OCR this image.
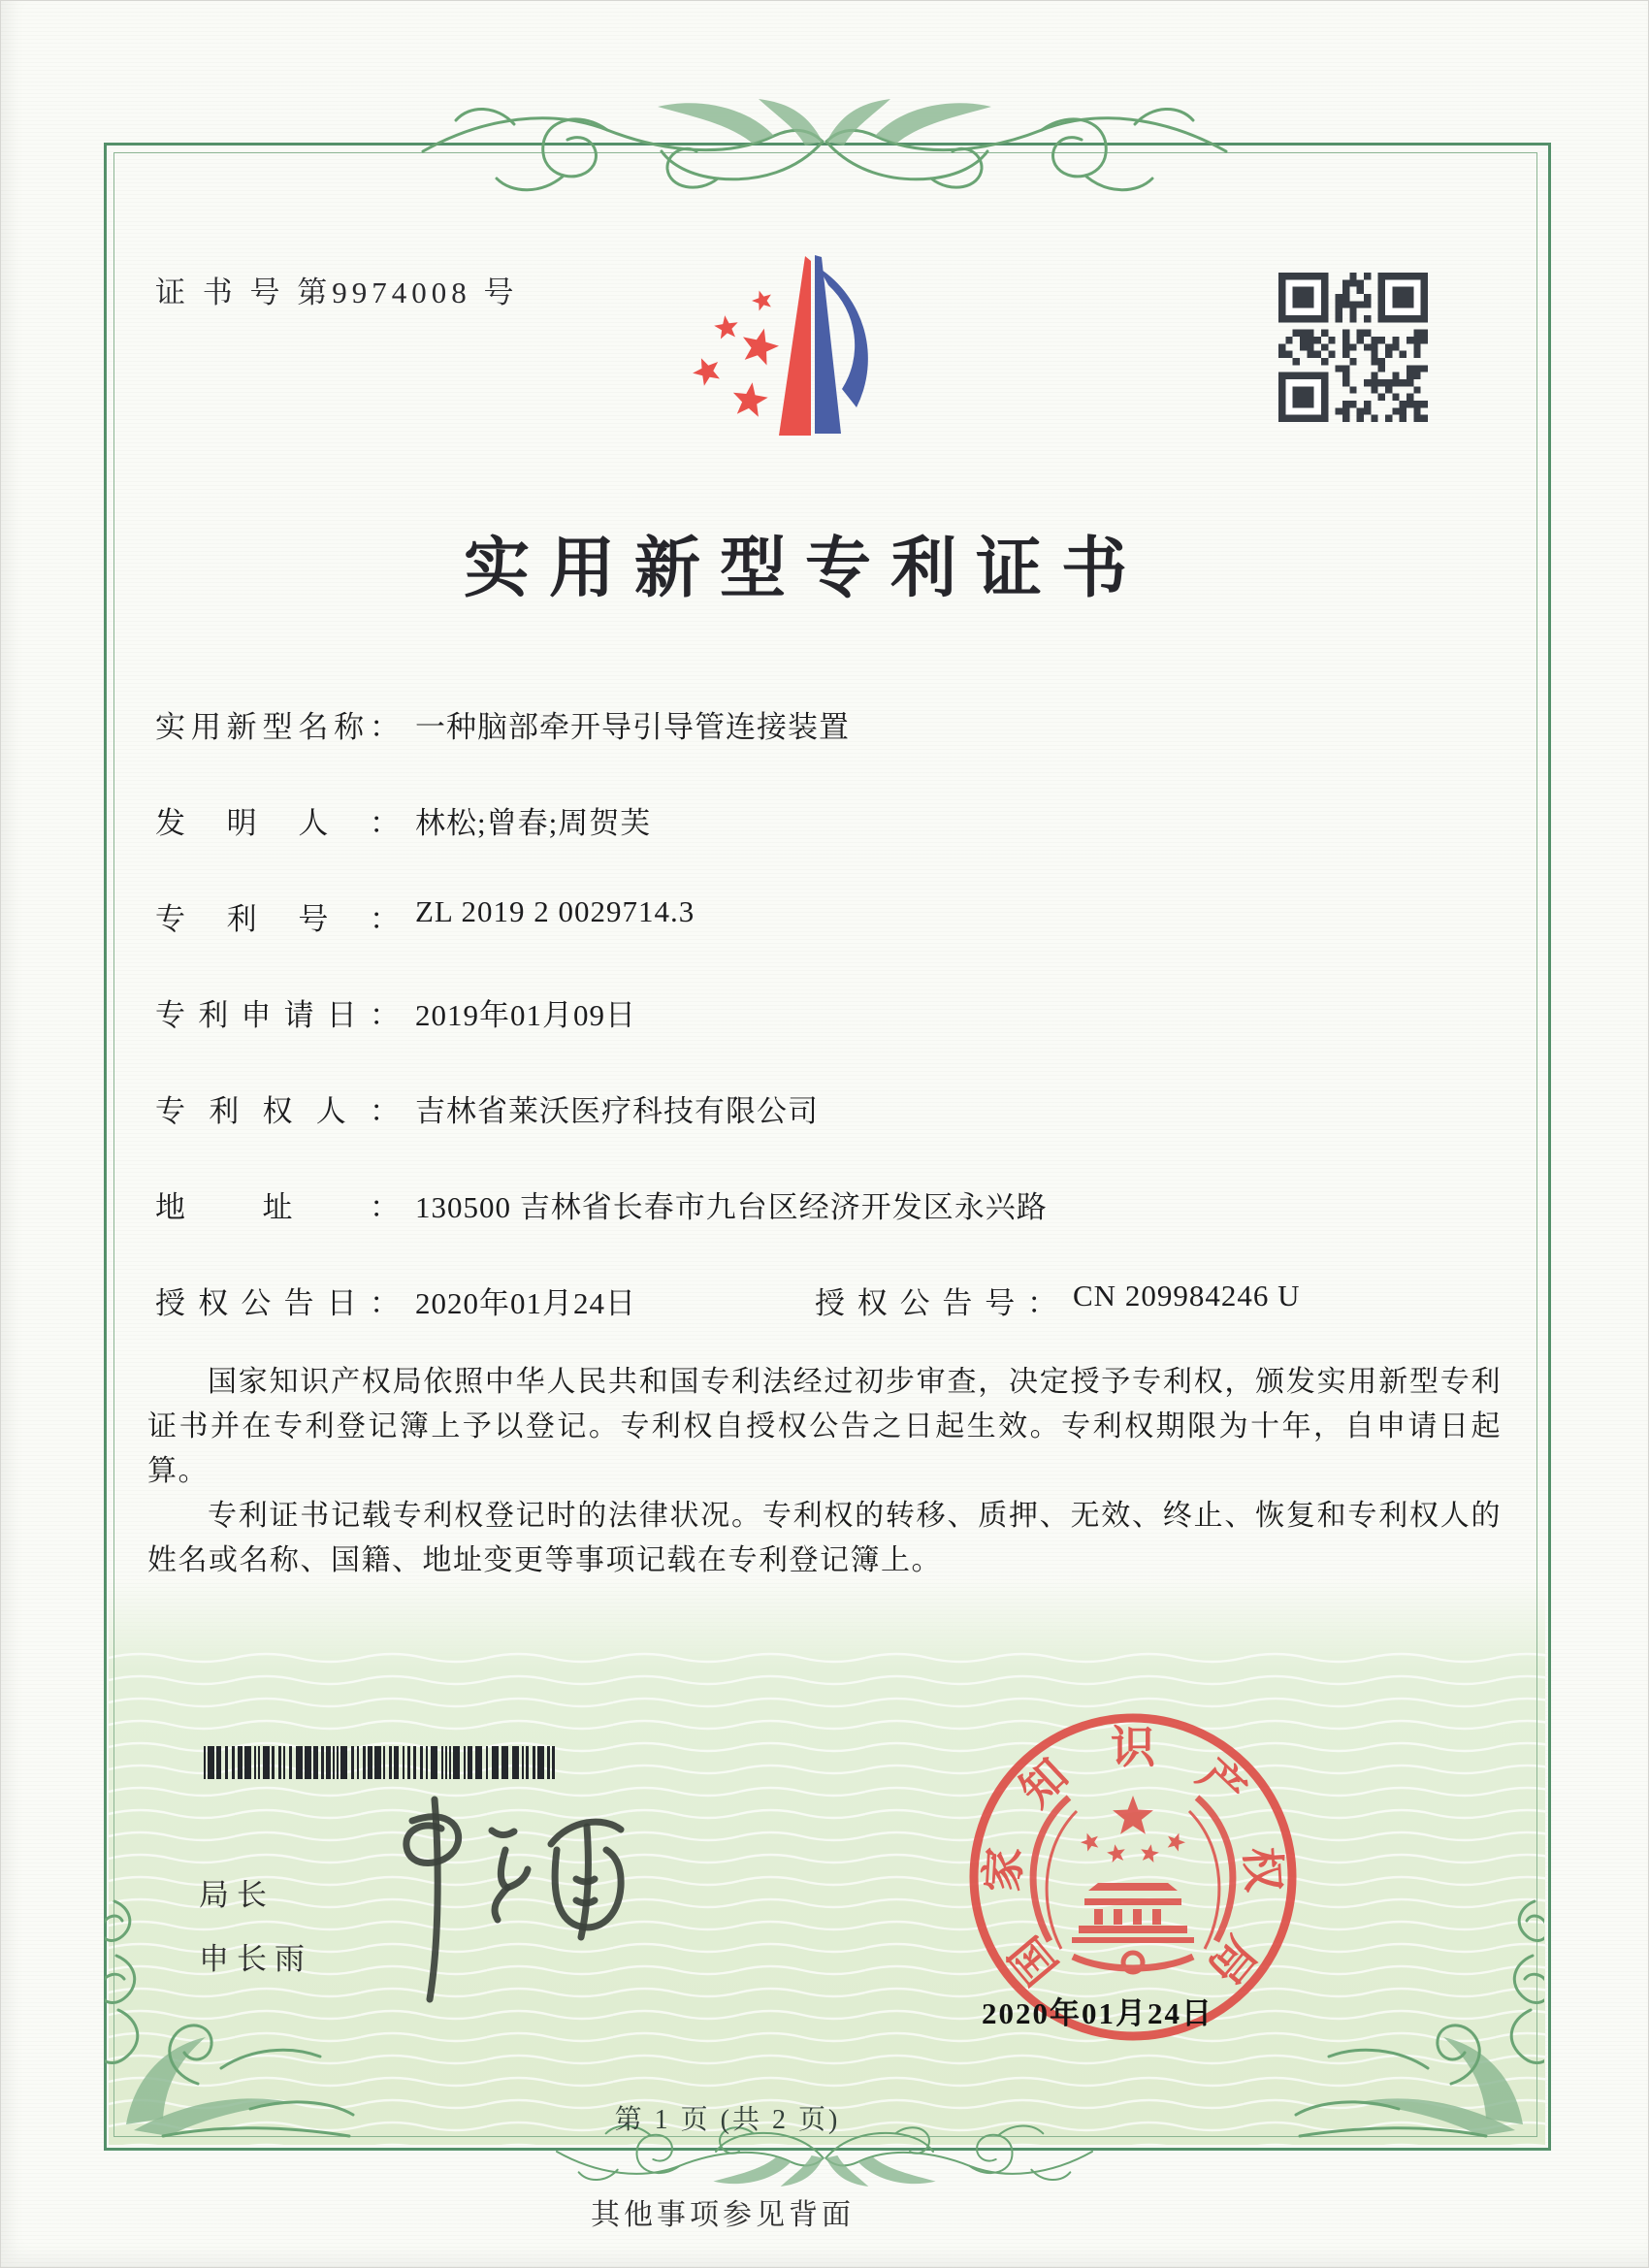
证 书 号 第9974008 号
实用新型专利证书
实用新型名称： 一种脑部牵开导引导管连接装置
发明人： 林松;曾春;周贺芙
专利号： ZL 2019 2 0029714.3
专利申请日： 2019年01月09日
专利权人： 吉林省莱沃医疗科技有限公司
地址： 130500 吉林省长春市九台区经济开发区永兴路
授权公告日： 2020年01月24日	授权公告号： CN 209984246 U

国家知识产权局依照中华人民共和国专利法经过初步审查，决定授予专利权，颁发实用新型专利证书并在专利登记簿上予以登记。专利权自授权公告之日起生效。专利权期限为十年，自申请日起算。

专利证书记载专利权登记时的法律状况。专利权的转移、质押、无效、终止、恢复和专利权人的姓名或名称、国籍、地址变更等事项记载在专利登记簿上。

局长
申长雨	国
家
知
识
产
权
局
2020年01月24日
第 1 页 (共 2 页)
其他事项参见背面
